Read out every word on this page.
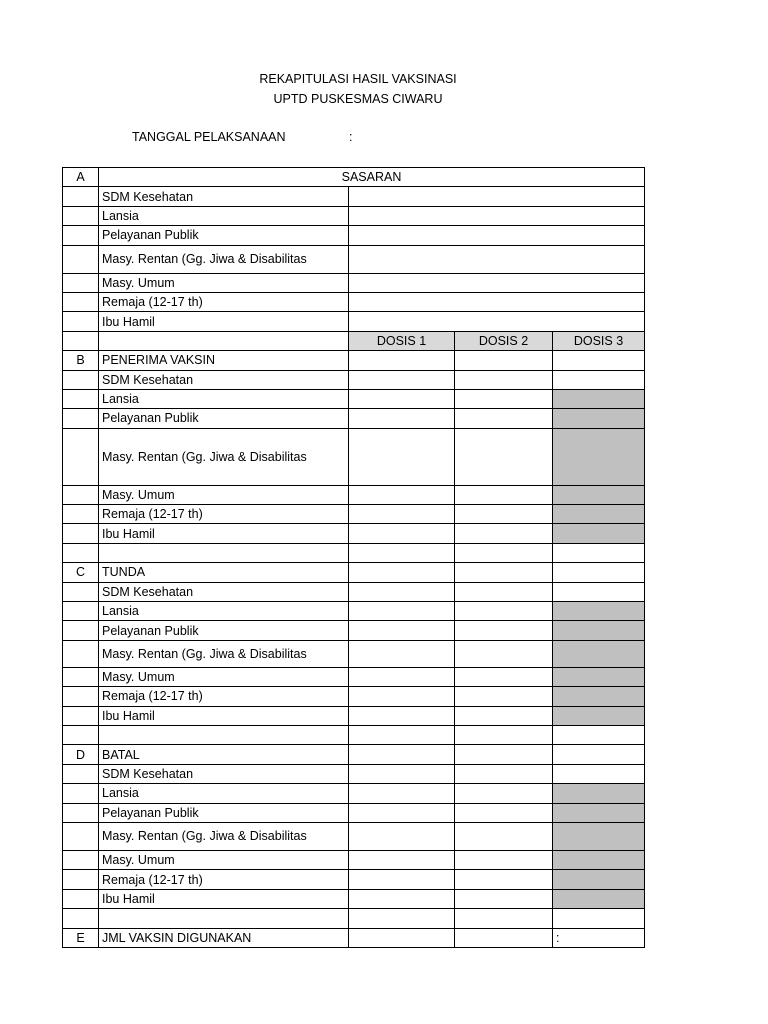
REKAPITULASI HASIL VAKSINASI
UPTD PUSKESMAS CIWARU
TANGGAL PELAKSANAAN	:
A	SASARAN			
	SDM Kesehatan			
	Lansia			
	Pelayanan Publik			
	Masy. Rentan (Gg. Jiwa & Disabilitas			
	Masy. Umum			
	Remaja (12-17 th)			
	Ibu Hamil			
		DOSIS 1	DOSIS 2	DOSIS 3
B	PENERIMA VAKSIN			
	SDM Kesehatan			
	Lansia			
	Pelayanan Publik			
	Masy. Rentan (Gg. Jiwa & Disabilitas			
	Masy. Umum			
	Remaja (12-17 th)			
	Ibu Hamil			

C	TUNDA			
	SDM Kesehatan			
	Lansia			
	Pelayanan Publik			
	Masy. Rentan (Gg. Jiwa & Disabilitas			
	Masy. Umum			
	Remaja (12-17 th)			
	Ibu Hamil			

D	BATAL			
	SDM Kesehatan			
	Lansia			
	Pelayanan Publik			
	Masy. Rentan (Gg. Jiwa & Disabilitas			
	Masy. Umum			
	Remaja (12-17 th)			
	Ibu Hamil			

E	JML VAKSIN DIGUNAKAN			:
